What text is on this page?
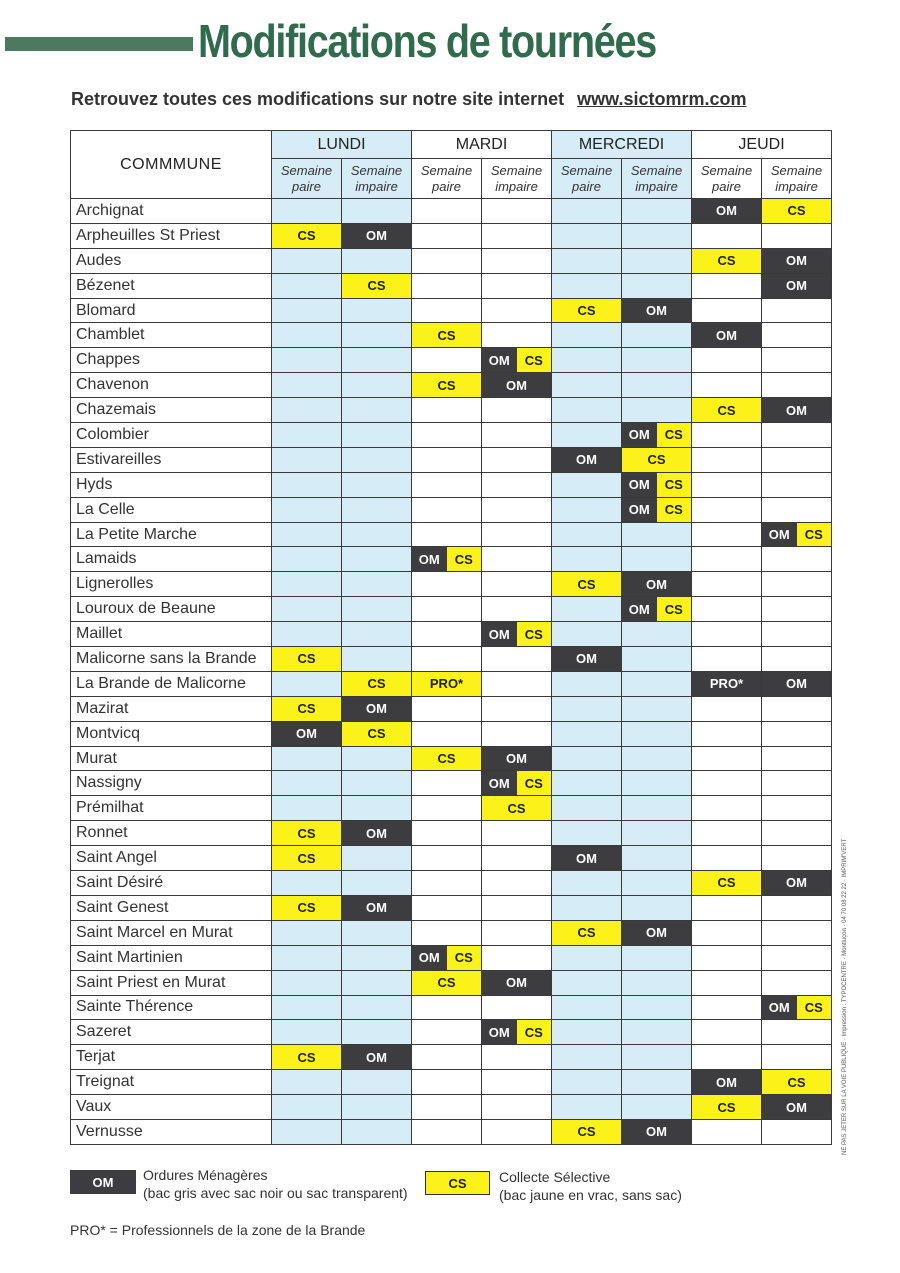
Modifications de tournées
Retrouvez toutes ces modifications sur notre site internet www.sictomrm.com
COMMMUNE	LUNDI		MARDI		MERCREDI		JEUDI	
	Semaine paire	Semaine impaire	Semaine paire	Semaine impaire	Semaine paire	Semaine impaire	Semaine paire	Semaine impaire
Archignat							OM	CS

Arpheuilles St Priest	CS	OM						

Audes							CS	OM

Bézenet		CS						OM

Blomard					CS	OM		

Chamblet			CS				OM	

Chappes				OM CS				

Chavenon			CS	OM				

Chazemais							CS	OM

Colombier						OM CS		

Estivareilles					OM	CS		

Hyds						OM CS		

La Celle						OM CS		

La Petite Marche								OM CS

Lamaids			OM CS					

Lignerolles					CS	OM		

Louroux de Beaune						OM CS		

Maillet				OM CS				

Malicorne sans la Brande	CS				OM			

La Brande de Malicorne		CS	PRO*				PRO*	OM

Mazirat	CS	OM						

Montvicq	OM	CS						

Murat			CS	OM				

Nassigny				OM CS				

Prémilhat				CS				

Ronnet	CS	OM						

Saint Angel	CS				OM			

Saint Désiré							CS	OM

Saint Genest	CS	OM						

Saint Marcel en Murat					CS	OM		

Saint Martinien			OM CS					

Saint Priest en Murat			CS	OM				

Sainte Thérence								OM CS

Sazeret				OM CS				

Terjat	CS	OM						

Treignat							OM	CS

Vaux							CS	OM

Vernusse					CS	OM		

OM	Ordures Ménagères
(bac gris avec sac noir ou sac transparent)
CS	Collecte Sélective
(bac jaune en vrac, sans sac)
PRO* = Professionnels de la zone de la Brande
NE PAS JETER SUR LA VOIE PUBLIQUE · Impression : TYPOCENTRE · Montluçon · 04 70 08 22 22 · IMPRIM'VERT
